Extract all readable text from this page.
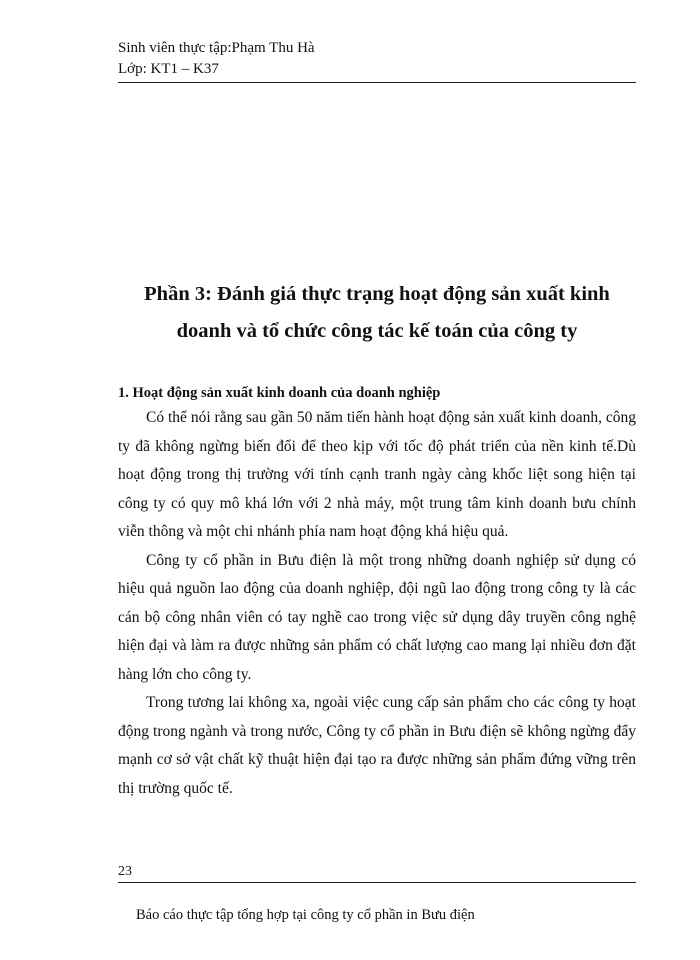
Sinh viên thực tập:Phạm Thu Hà
Lớp: KT1 – K37
Phần 3: Đánh giá thực trạng hoạt động sản xuất kinh
doanh và tổ chức công tác kế toán của công ty
1. Hoạt động sản xuất kinh doanh của doanh nghiệp

Có thể nói rằng sau gần 50 năm tiến hành hoạt động sản xuất kinh doanh, công ty đã không ngừng biến đổi để theo kịp với tốc độ phát triển của nền kinh tế.Dù hoạt động trong thị trường với tính cạnh tranh ngày càng khốc liệt song hiện tại công ty có quy mô khá lớn với 2 nhà máy, một trung tâm kinh doanh bưu chính viễn thông và một chi nhánh phía nam hoạt động khá hiệu quả.

Công ty cổ phần in Bưu điện là một trong những doanh nghiệp sử dụng có hiệu quả nguồn lao động của doanh nghiệp, đội ngũ lao động trong công ty là các cán bộ công nhân viên có tay nghề cao trong việc sử dụng dây truyền công nghệ hiện đại và làm ra được những sản phẩm có chất lượng cao mang lại nhiều đơn đặt hàng lớn cho công ty.

Trong tương lai không xa, ngoài việc cung cấp sản phẩm cho các công ty hoạt động trong ngành và trong nước, Công ty cổ phần in Bưu điện sẽ không ngừng đẩy mạnh cơ sở vật chất kỹ thuật hiện đại tạo ra được những sản phẩm đứng vững trên thị trường quốc tế.

23
Báo cáo thực tập tổng hợp tại công ty cổ phần in Bưu điện
